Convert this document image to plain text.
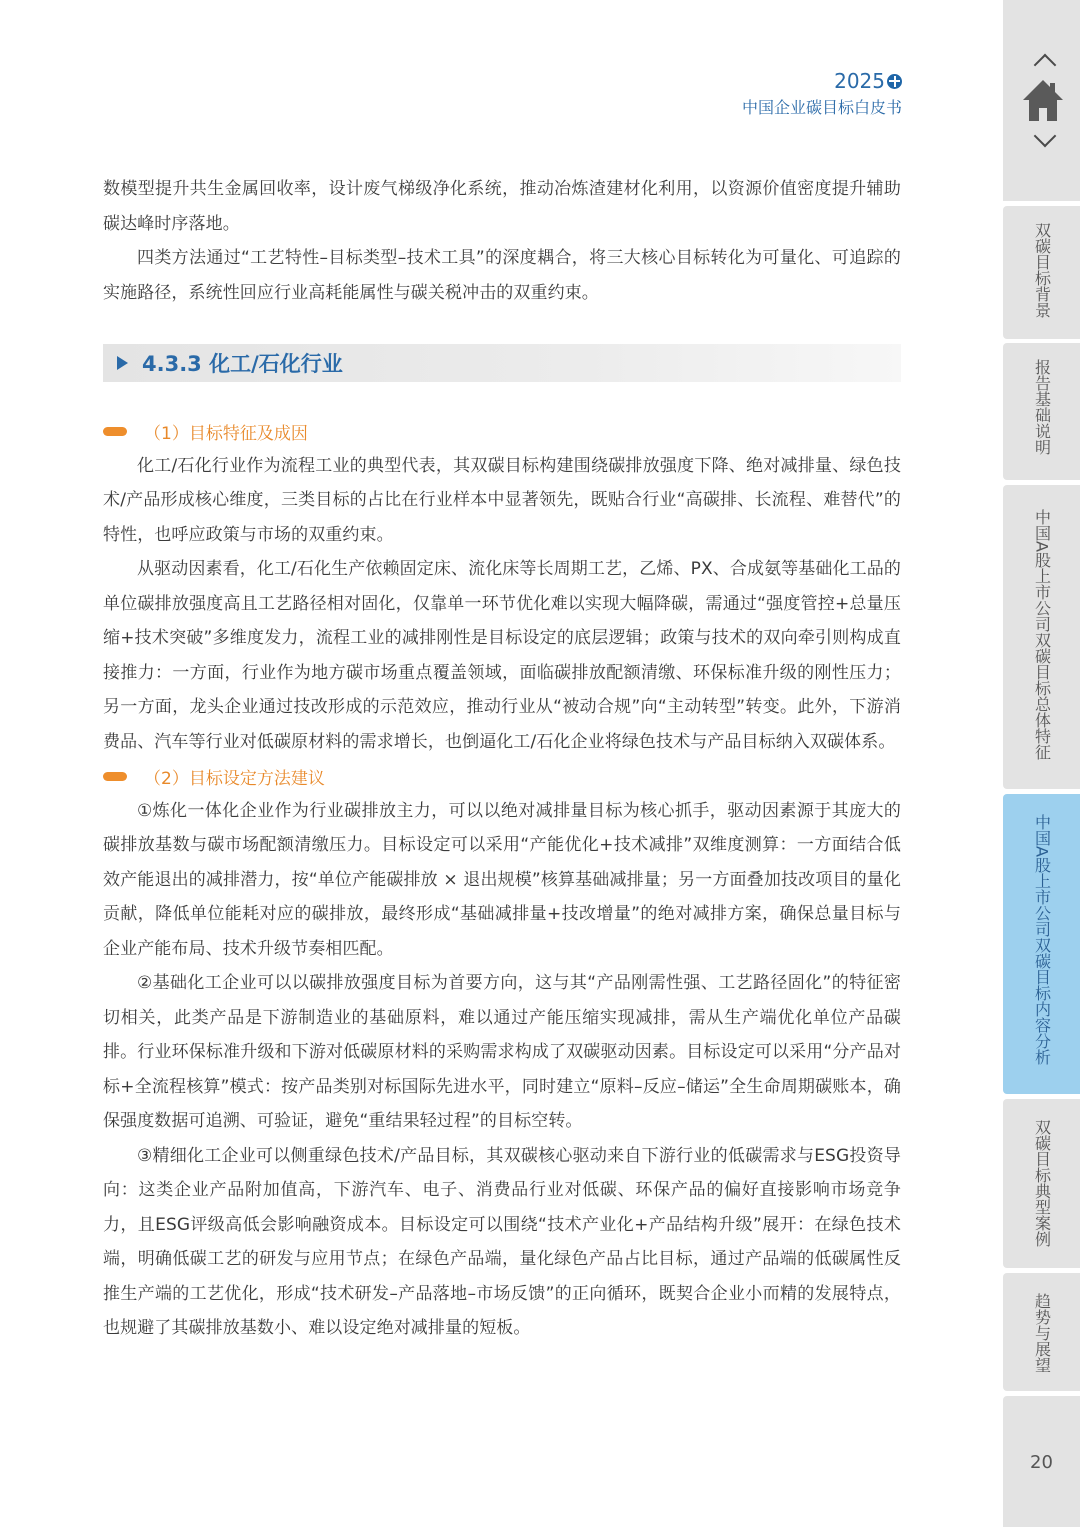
2025
中国企业碳目标白皮书

数模型提升共生金属回收率，设计废气梯级净化系统，推动冶炼渣建材化利用，以资源价值密度提升辅助碳达峰时序落地。

四类方法通过“工艺特性–目标类型–技术工具”的深度耦合，将三大核心目标转化为可量化、可追踪的实施路径，系统性回应行业高耗能属性与碳关税冲击的双重约束。

4.3.3 化工/石化行业
（1）目标特征及成因

化工/石化行业作为流程工业的典型代表，其双碳目标构建围绕碳排放强度下降、绝对减排量、绿色技术/产品形成核心维度，三类目标的占比在行业样本中显著领先，既贴合行业“高碳排、长流程、难替代”的特性，也呼应政策与市场的双重约束。

从驱动因素看，化工/石化生产依赖固定床、流化床等长周期工艺，乙烯、PX、合成氨等基础化工品的单位碳排放强度高且工艺路径相对固化，仅靠单一环节优化难以实现大幅降碳，需通过“强度管控+总量压缩+技术突破”多维度发力，流程工业的减排刚性是目标设定的底层逻辑；政策与技术的双向牵引则构成直接推力：一方面，行业作为地方碳市场重点覆盖领域，面临碳排放配额清缴、环保标准升级的刚性压力；另一方面，龙头企业通过技改形成的示范效应，推动行业从“被动合规”向“主动转型”转变。此外，下游消费品、汽车等行业对低碳原材料的需求增长，也倒逼化工/石化企业将绿色技术与产品目标纳入双碳体系。

（2）目标设定方法建议

①炼化一体化企业作为行业碳排放主力，可以以绝对减排量目标为核心抓手，驱动因素源于其庞大的碳排放基数与碳市场配额清缴压力。目标设定可以采用“产能优化+技术减排”双维度测算：一方面结合低效产能退出的减排潜力，按“单位产能碳排放 × 退出规模”核算基础减排量；另一方面叠加技改项目的量化贡献，降低单位能耗对应的碳排放，最终形成“基础减排量+技改增量”的绝对减排方案，确保总量目标与企业产能布局、技术升级节奏相匹配。

②基础化工企业可以以碳排放强度目标为首要方向，这与其“产品刚需性强、工艺路径固化”的特征密切相关，此类产品是下游制造业的基础原料，难以通过产能压缩实现减排，需从生产端优化单位产品碳排。行业环保标准升级和下游对低碳原材料的采购需求构成了双碳驱动因素。目标设定可以采用“分产品对标+全流程核算”模式：按产品类别对标国际先进水平，同时建立“原料–反应–储运”全生命周期碳账本，确保强度数据可追溯、可验证，避免“重结果轻过程”的目标空转。

③精细化工企业可以侧重绿色技术/产品目标，其双碳核心驱动来自下游行业的低碳需求与ESG投资导向：这类企业产品附加值高，下游汽车、电子、消费品行业对低碳、环保产品的偏好直接影响市场竞争力，且ESG评级高低会影响融资成本。目标设定可以围绕“技术产业化+产品结构升级”展开：在绿色技术端，明确低碳工艺的研发与应用节点；在绿色产品端，量化绿色产品占比目标，通过产品端的低碳属性反推生产端的工艺优化，形成“技术研发–产品落地–市场反馈”的正向循环，既契合企业小而精的发展特点，也规避了其碳排放基数小、难以设定绝对减排量的短板。

双碳目标背景
报告基础说明
中国A股上市公司双碳目标总体特征
中国A股上市公司双碳目标内容分析
双碳目标典型案例
趋势与展望
20
